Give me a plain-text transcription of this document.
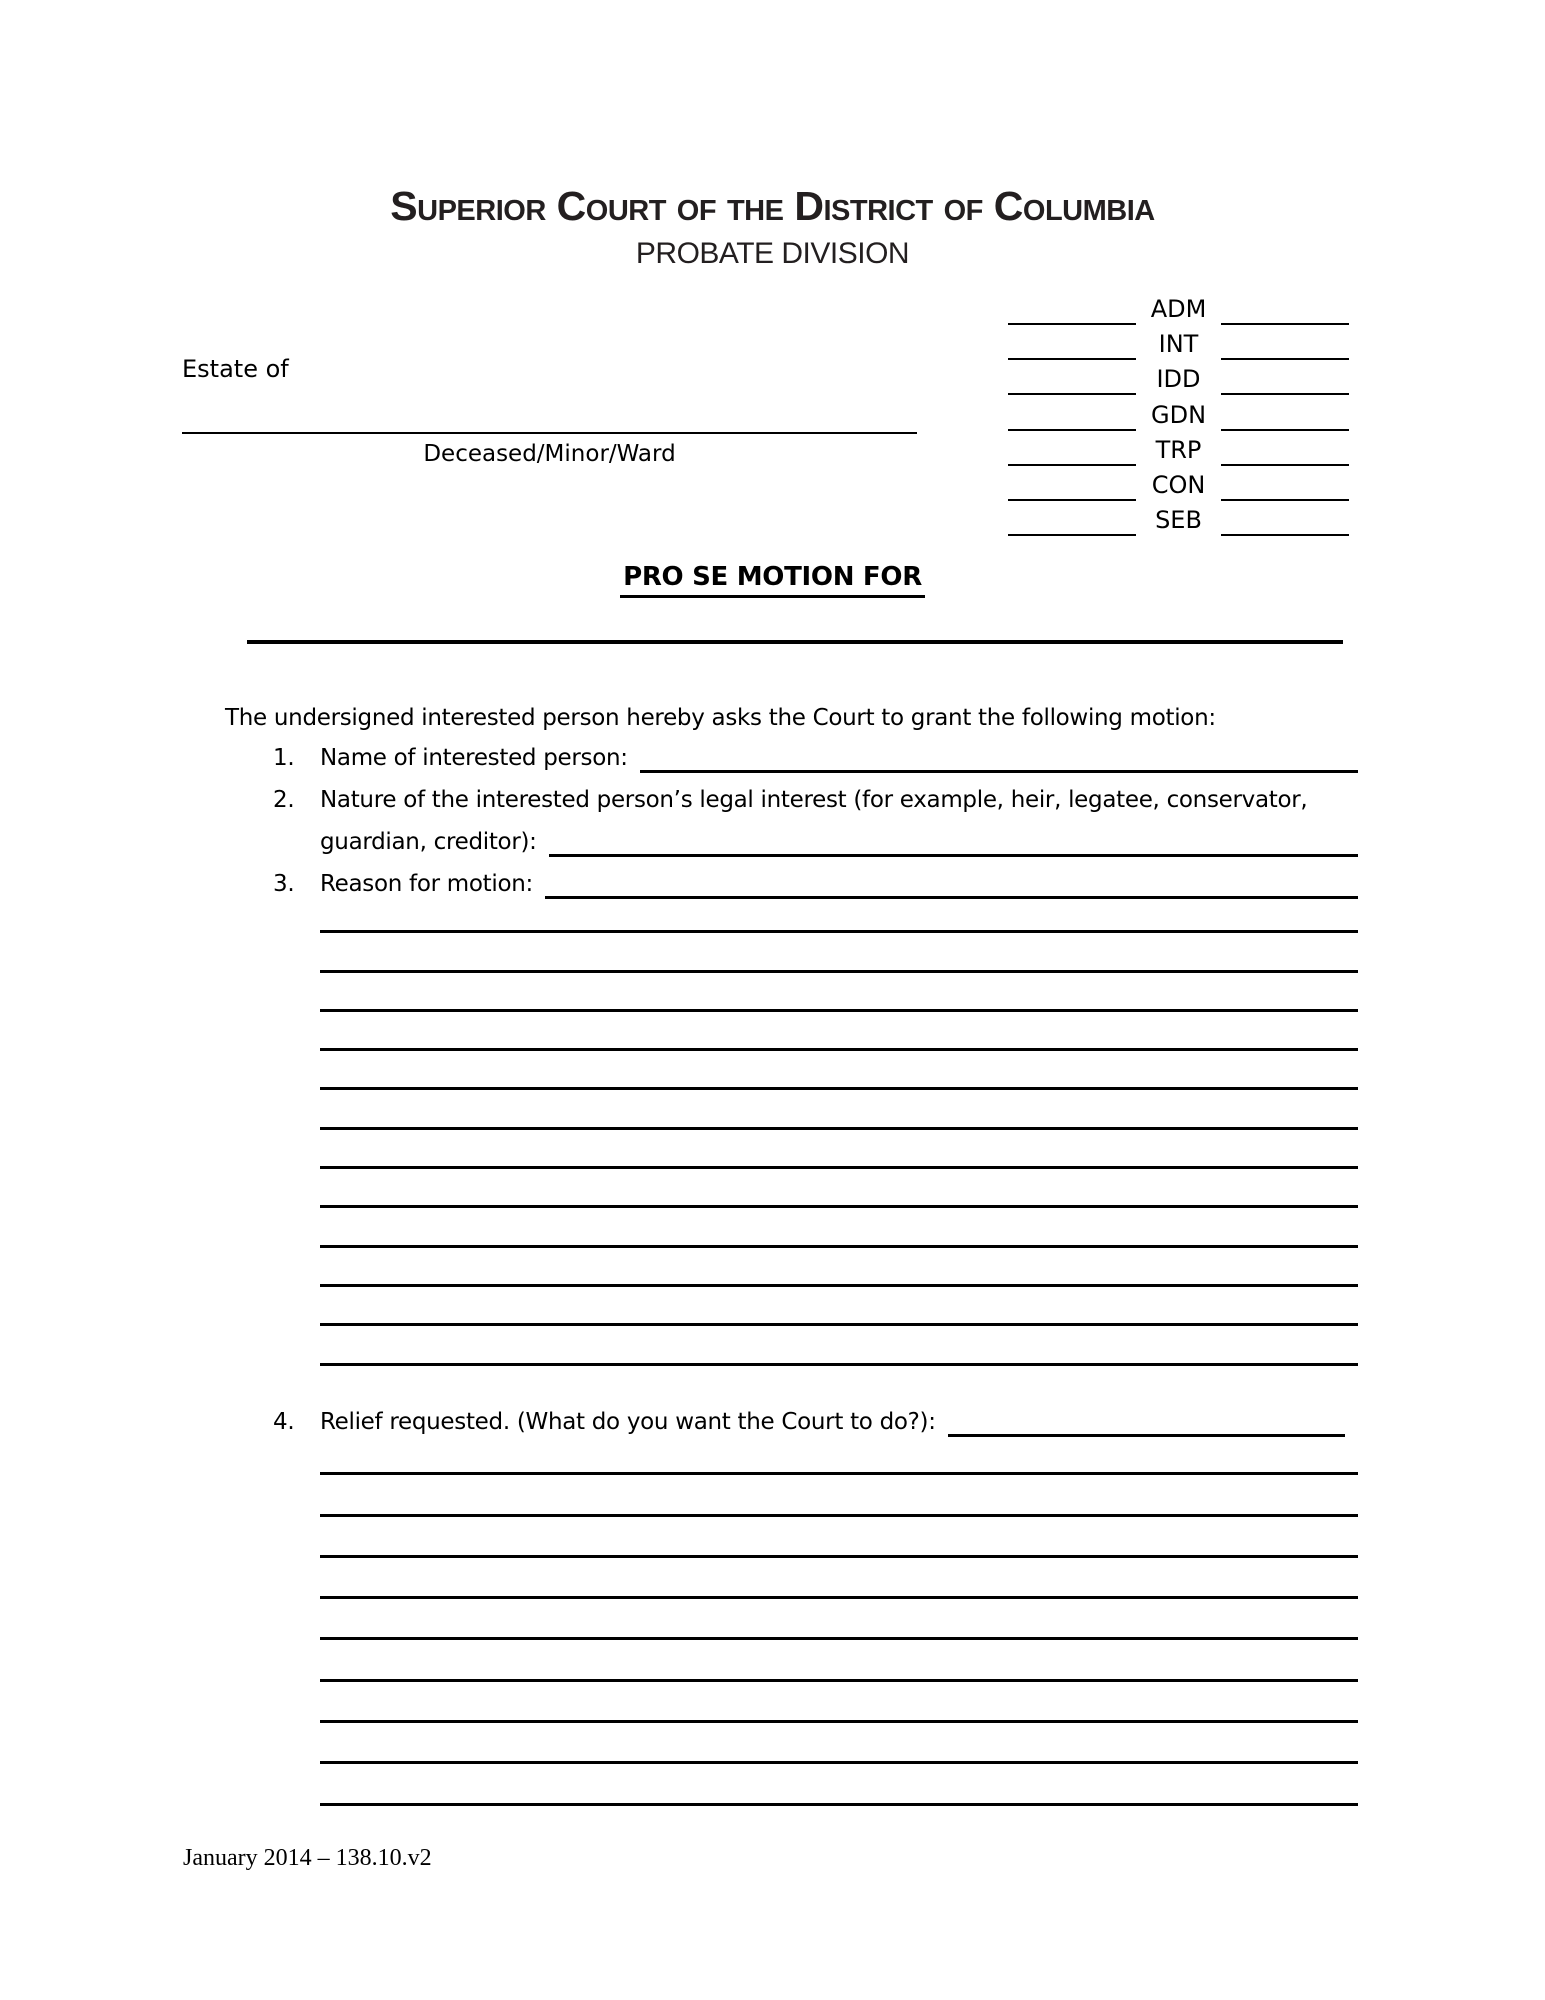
Superior Court of the District of Columbia
PROBATE DIVISION
ADM
INT
IDD
GDN
TRP
CON
SEB
Estate of
Deceased/Minor/Ward
PRO SE MOTION FOR
The undersigned interested person hereby asks the Court to grant the following motion:
1.	Name of interested person:
2.	Nature of the interested person’s legal interest (for example, heir, legatee, conservator,
guardian, creditor):
3.	Reason for motion:
4.	Relief requested. (What do you want the Court to do?):
January 2014 – 138.10.v2
